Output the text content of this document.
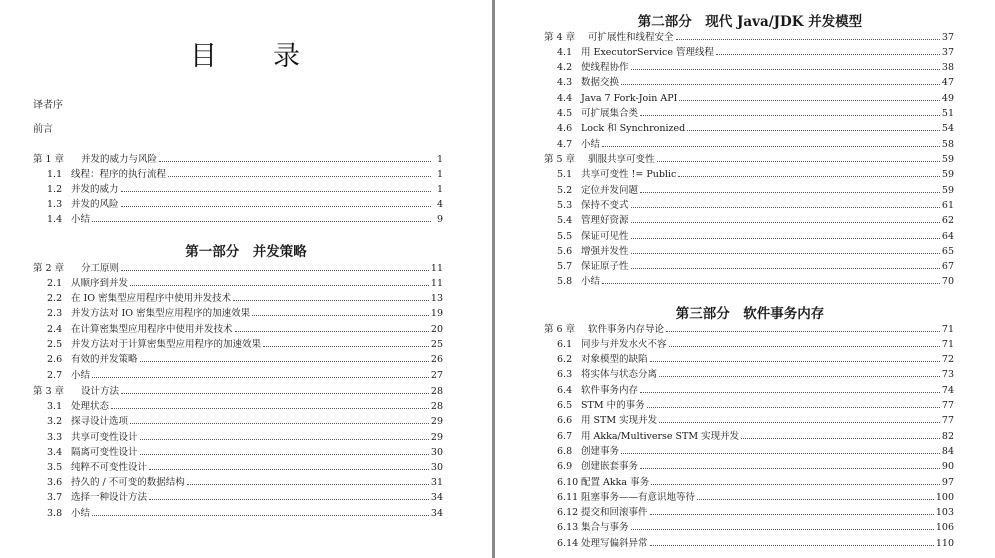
目 录
译者序
前言
第 1 章	并发的威力与风险	1
1.1 线程：程序的执行流程	1
1.2 并发的威力	1
1.3 并发的风险	4
1.4 小结	9
第一部分　并发策略
第 2 章	分工原则	11
2.1 从顺序到并发	11
2.2 在 IO 密集型应用程序中使用并发技术	13
2.3 并发方法对 IO 密集型应用程序的加速效果	19
2.4 在计算密集型应用程序中使用并发技术	20
2.5 并发方法对于计算密集型应用程序的加速效果	25
2.6 有效的并发策略	26
2.7 小结	27
第 3 章	设计方法	28
3.1 处理状态	28
3.2 探寻设计选项	29
3.3 共享可变性设计	29
3.4 隔离可变性设计	30
3.5 纯粹不可变性设计	30
3.6 持久的 / 不可变的数据结构	31
3.7 选择一种设计方法	34
3.8 小结	34
第二部分　现代 Java/JDK 并发模型
第 4 章	可扩展性和线程安全	37
4.1 用 ExecutorService 管理线程	37
4.2 使线程协作	38
4.3 数据交换	47
4.4 Java 7 Fork-Join API	49
4.5 可扩展集合类	51
4.6 Lock 和 Synchronized	54
4.7 小结	58
第 5 章	驯服共享可变性	59
5.1 共享可变性 != Public	59
5.2 定位并发问题	59
5.3 保持不变式	61
5.4 管理好资源	62
5.5 保证可见性	64
5.6 增强并发性	65
5.7 保证原子性	67
5.8 小结	70
第三部分　软件事务内存
第 6 章	软件事务内存导论	71
6.1 同步与并发水火不容	71
6.2 对象模型的缺陷	72
6.3 将实体与状态分离	73
6.4 软件事务内存	74
6.5 STM 中的事务	77
6.6 用 STM 实现并发	77
6.7 用 Akka/Multiverse STM 实现并发	82
6.8 创建事务	84
6.9 创建嵌套事务	90
6.10 配置 Akka 事务	97
6.11 阻塞事务——有意识地等待	100
6.12 提交和回滚事件	103
6.13 集合与事务	106
6.14 处理写偏斜异常	110
